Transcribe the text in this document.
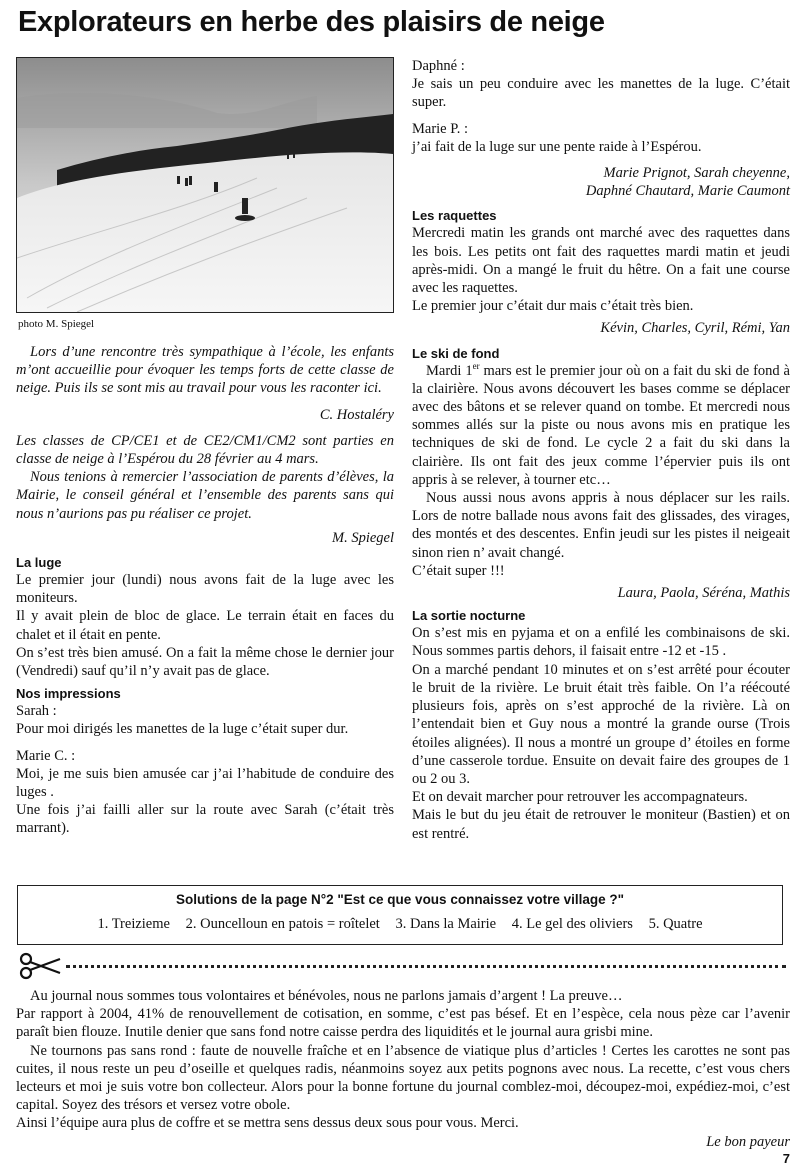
Explorateurs en herbe des plaisirs de neige
photo M. Spiegel

Lors d’une rencontre très sympathique à l’école, les enfants m’ont accueillie pour évoquer les temps forts de cette classe de neige. Puis ils se sont mis au travail pour vous les raconter ici.

C. Hostaléry

Les classes de CP/CE1 et de CE2/CM1/CM2 sont parties en classe de neige à l’Espérou du 28 février au 4 mars.

Nous tenions à remercier l’association de parents d’élèves, la Mairie, le conseil général et l’ensemble des parents sans qui nous n’aurions pas pu réaliser ce projet.

M. Spiegel

La luge

Le premier jour (lundi) nous avons fait de la luge avec les moniteurs.

Il y avait plein de bloc de glace. Le terrain était en faces du chalet et il était en pente.

On s’est très bien amusé. On a fait la même chose le dernier jour (Vendredi) sauf qu’il n’y avait pas de glace.

Nos impressions

Sarah :

Pour moi dirigés les manettes de la luge c’était super dur.

Marie C. :

Moi, je me suis bien amusée car j’ai l’habitude de conduire des luges .

Une fois j’ai failli aller sur la route avec Sarah (c’était très marrant).

Daphné :

Je sais un peu conduire avec les manettes de la luge. C’était super.

Marie P. :

j’ai fait de la luge sur une pente raide à l’Espérou.

Marie Prignot, Sarah cheyenne,

Daphné Chautard, Marie Caumont

Les raquettes

Mercredi matin les grands ont marché avec des raquettes dans les bois. Les petits ont fait des raquettes mardi matin et jeudi après-midi. On a mangé le fruit du hêtre. On a fait une course avec les raquettes.

Le premier jour c’était dur mais c’était très bien.

Kévin, Charles, Cyril, Rémi, Yan

Le ski de fond

Mardi 1er mars est le premier jour où on a fait du ski de fond à la clairière. Nous avons découvert les bases comme se déplacer avec des bâtons et se relever quand on tombe. Et mercredi nous sommes allés sur la piste ou nous avons mis en pratique les techniques de ski de fond. Le cycle 2 a fait du ski dans la clairière. Ils ont fait des jeux comme l’épervier puis ils ont appris à se relever, à tourner etc…

Nous aussi nous avons appris à nous déplacer sur les rails. Lors de notre ballade nous avons fait des glissades, des virages, des montés et des descentes. Enfin jeudi sur les pistes il neigeait sinon rien n’ avait changé.

C’était super !!!

Laura, Paola, Séréna, Mathis

La sortie nocturne

On s’est mis en pyjama et on a enfilé les combinaisons de ski. Nous sommes partis dehors, il faisait entre -12 et -15 .

On a marché pendant 10 minutes et on s’est arrêté pour écouter le bruit de la rivière. Le bruit était très faible. On l’a réécouté plusieurs fois, après on s’est approché de la rivière. Là on l’entendait bien et Guy nous a montré la grande ourse (Trois étoiles alignées). Il nous a montré un groupe d’ étoiles en forme d’une casserole tordue. Ensuite on devait faire des groupes de 1 ou 2 ou 3.

Et on devait marcher pour retrouver les accompagnateurs.

Mais le but du jeu était de retrouver le moniteur (Bastien) et on est rentré.

Solutions de la page N°2 "Est ce que vous connaissez votre village ?"
1. Treizieme 2. Ouncelloun en patois = roîtelet 3. Dans la Mairie 4. Le gel des oliviers 5. Quatre

Au journal nous sommes tous volontaires et bénévoles, nous ne parlons jamais d’argent ! La preuve…

Par rapport à 2004, 41% de renouvellement de cotisation, en somme, c’est pas bésef. Et en l’espèce, cela nous pèze car l’avenir paraît bien flouze. Inutile denier que sans fond notre caisse perdra des liquidités et le journal aura grisbi mine.

Ne tournons pas sans rond : faute de nouvelle fraîche et en l’absence de viatique plus d’articles ! Certes les carottes ne sont pas cuites, il nous reste un peu d’oseille et quelques radis, néanmoins soyez aux petits pognons avec nous. La recette, c’est vous chers lecteurs et moi je suis votre bon collecteur. Alors pour la bonne fortune du journal comblez-moi, découpez-moi, expédiez-moi, c’est capital. Soyez des trésors et versez votre obole.

Ainsi l’équipe aura plus de coffre et se mettra sens dessus deux sous pour vous. Merci.

Le bon payeur

7
